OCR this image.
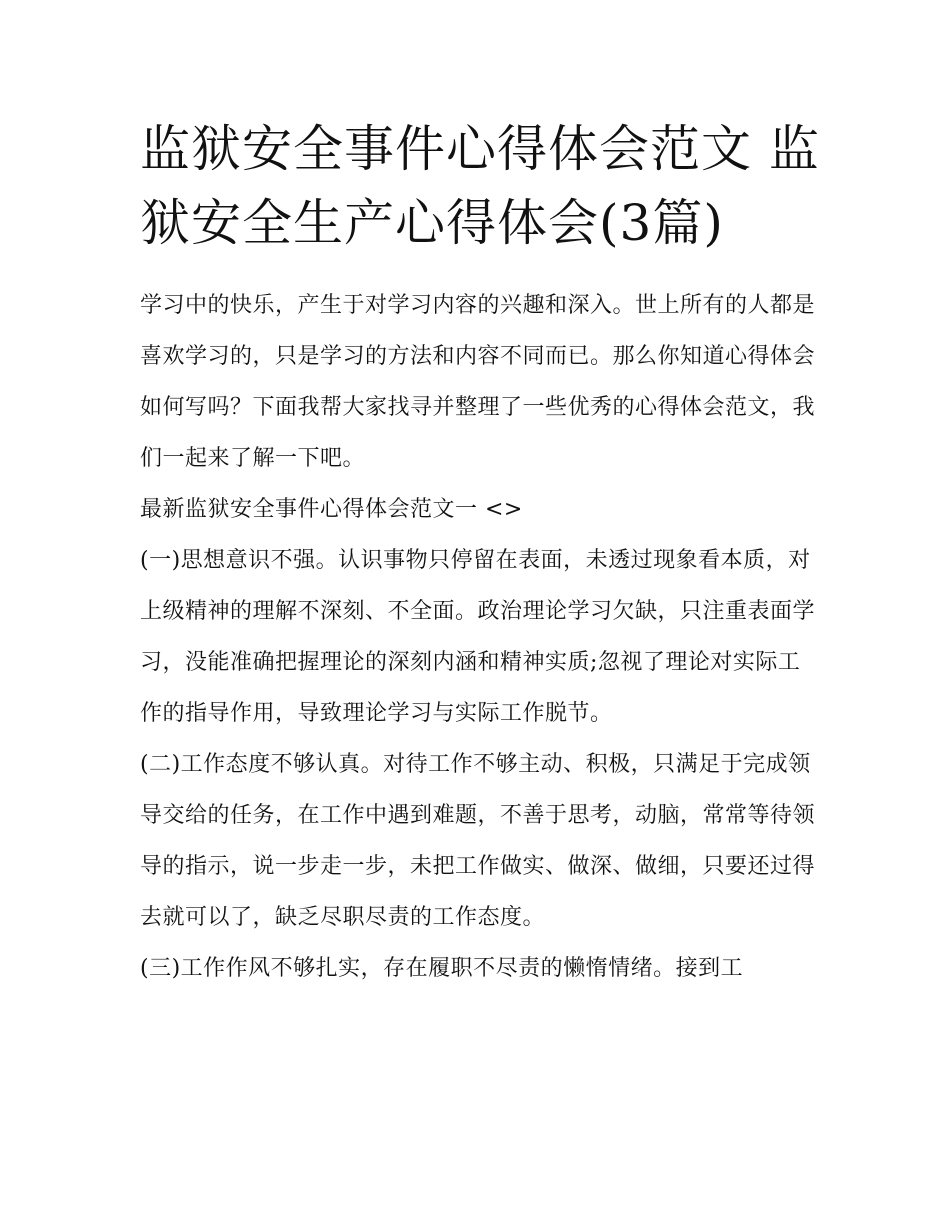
监狱安全事件心得体会范文 监狱安全生产心得体会(3篇)

学习中的快乐，产生于对学习内容的兴趣和深入。世上所有的人都是喜欢学习的，只是学习的方法和内容不同而已。那么你知道心得体会如何写吗？下面我帮大家找寻并整理了一些优秀的心得体会范文，我们一起来了解一下吧。

最新监狱安全事件心得体会范文一 <>

(一)思想意识不强。认识事物只停留在表面，未透过现象看本质，对上级精神的理解不深刻、不全面。政治理论学习欠缺，只注重表面学习，没能准确把握理论的深刻内涵和精神实质;忽视了理论对实际工作的指导作用，导致理论学习与实际工作脱节。

(二)工作态度不够认真。对待工作不够主动、积极，只满足于完成领导交给的任务，在工作中遇到难题，不善于思考，动脑，常常等待领导的指示，说一步走一步，未把工作做实、做深、做细，只要还过得去就可以了，缺乏尽职尽责的工作态度。

(三)工作作风不够扎实，存在履职不尽责的懒惰情绪。接到工
